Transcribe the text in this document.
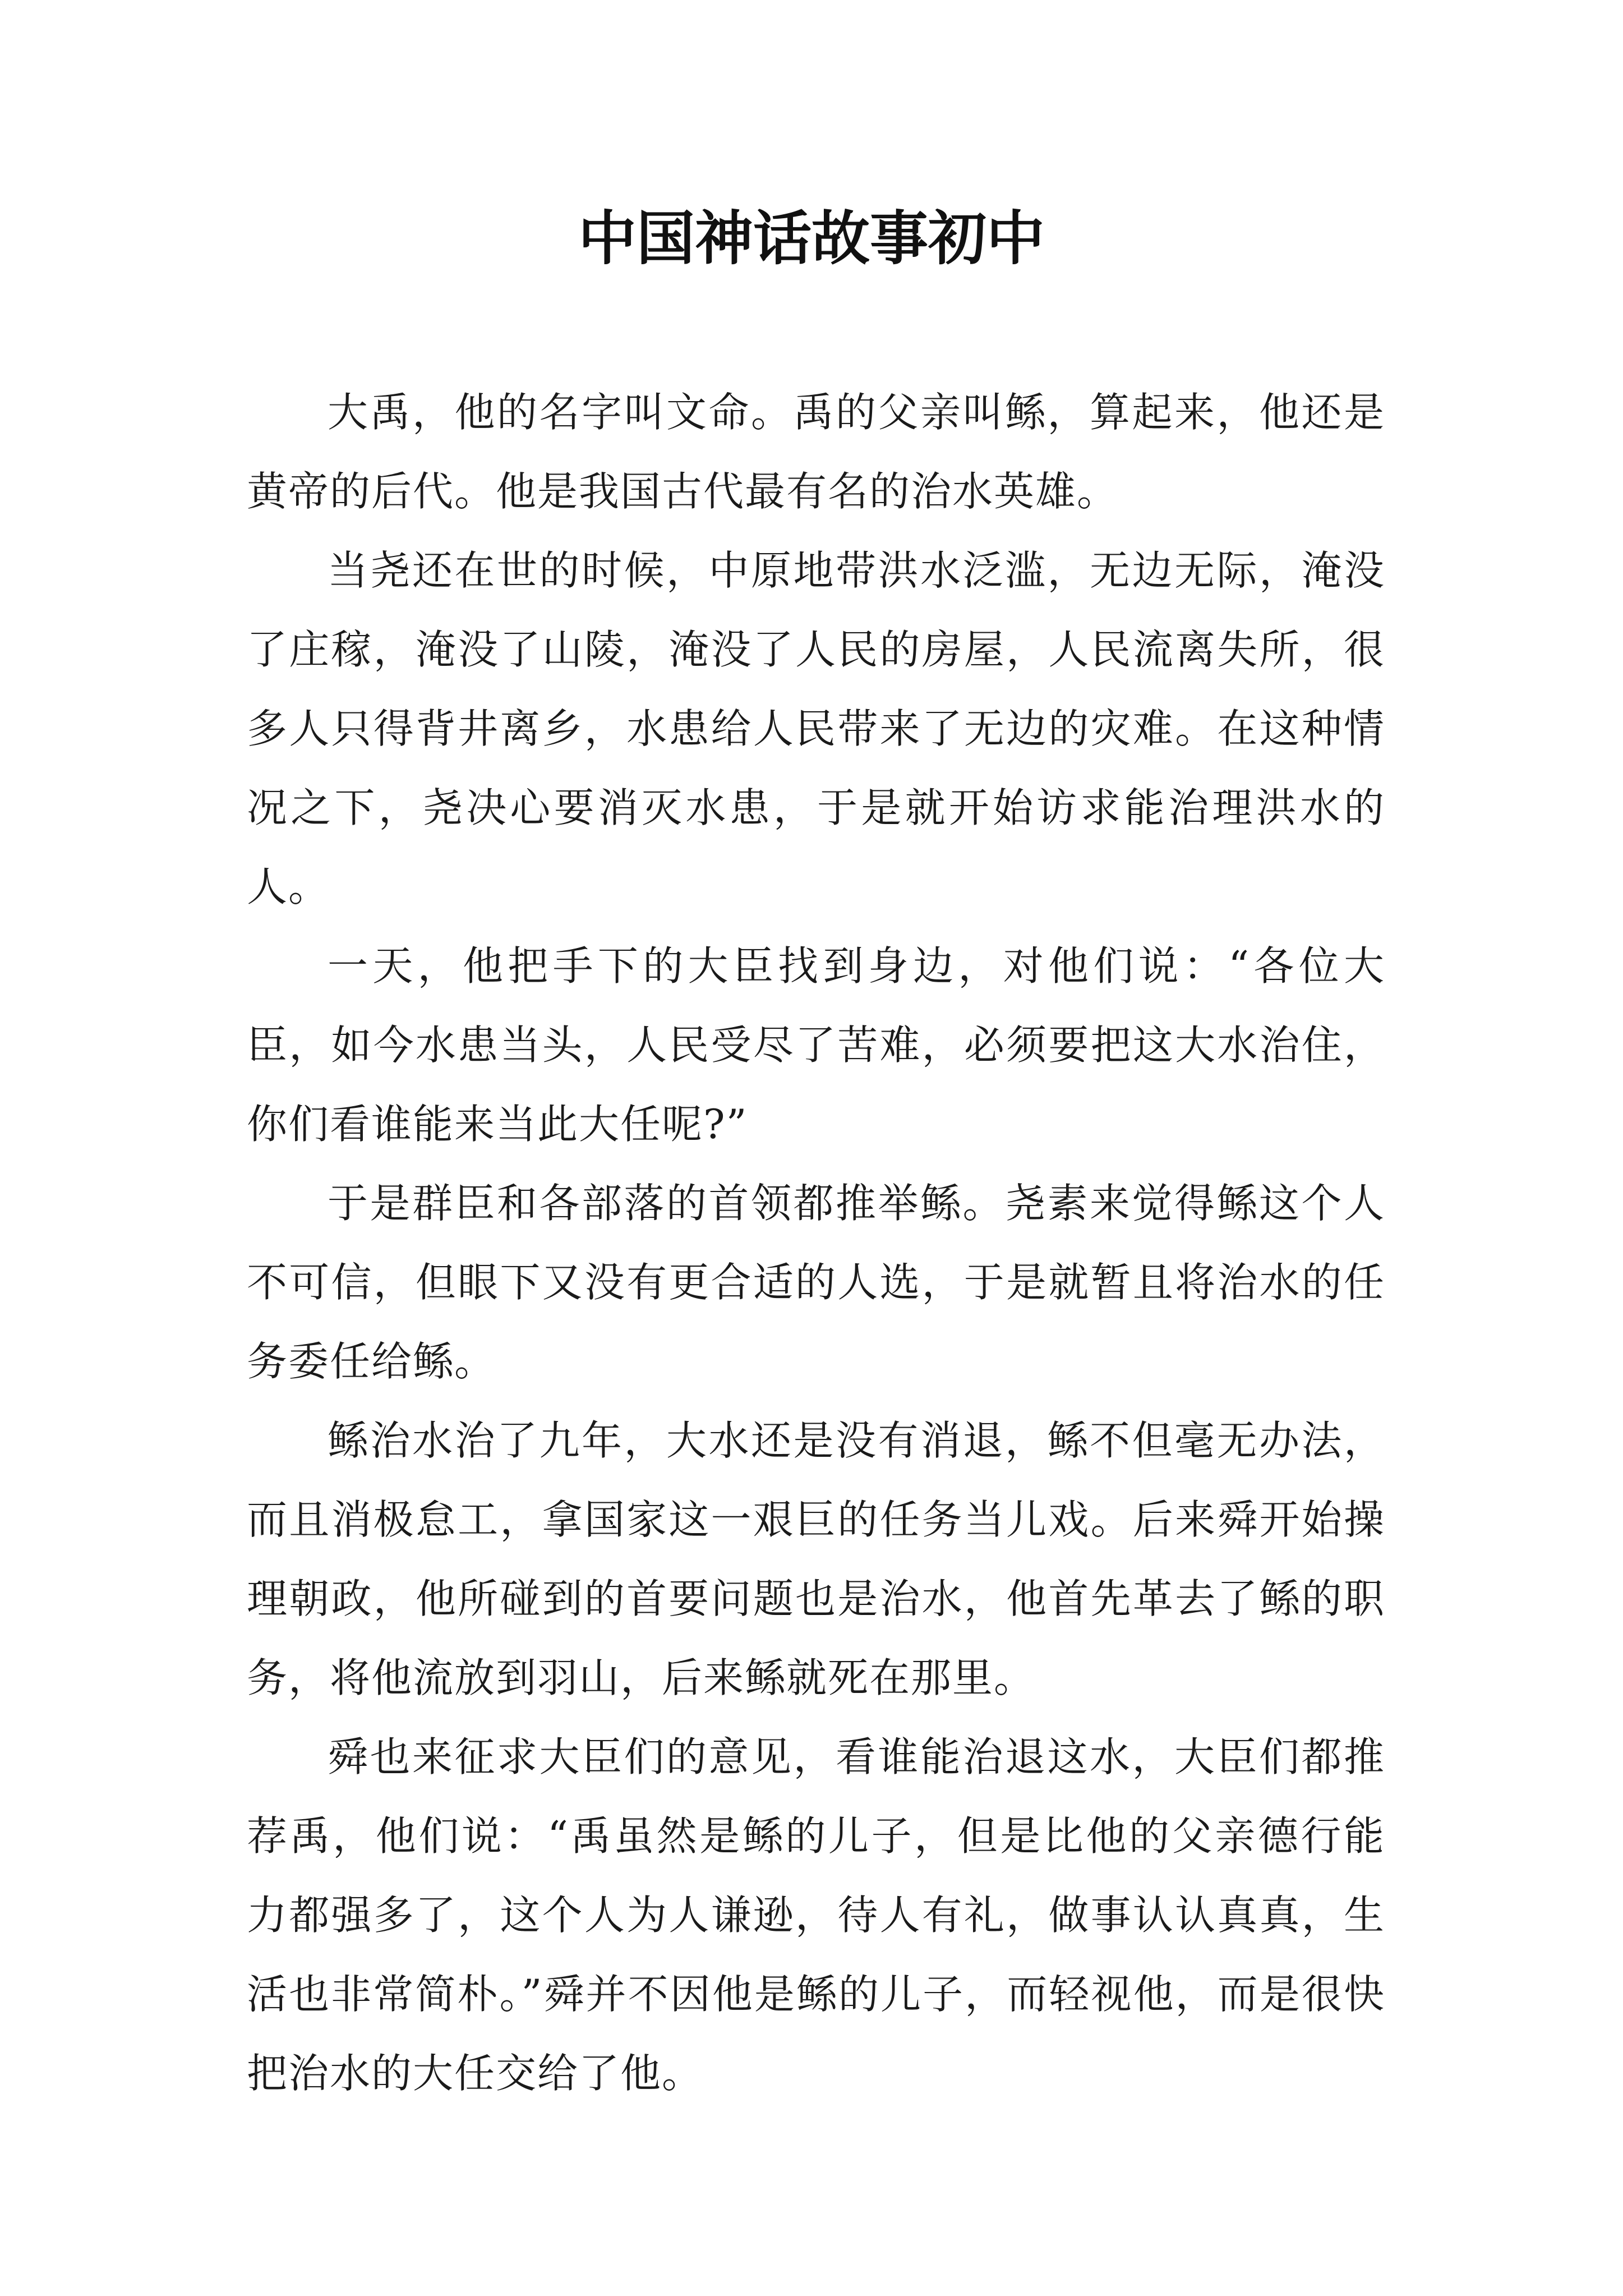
中国神话故事初中

大禹，他的名字叫文命。禹的父亲叫鲧，算起来，他还是黄帝的后代。他是我国古代最有名的治水英雄。

当尧还在世的时候，中原地带洪水泛滥，无边无际，淹没了庄稼，淹没了山陵，淹没了人民的房屋，人民流离失所，很多人只得背井离乡，水患给人民带来了无边的灾难。在这种情况之下，尧决心要消灭水患，于是就开始访求能治理洪水的人。

一天，他把手下的大臣找到身边，对他们说：“各位大臣，如今水患当头，人民受尽了苦难，必须要把这大水治住，你们看谁能来当此大任呢?”

于是群臣和各部落的首领都推举鲧。尧素来觉得鲧这个人不可信，但眼下又没有更合适的人选，于是就暂且将治水的任务委任给鲧。

鲧治水治了九年，大水还是没有消退，鲧不但毫无办法，而且消极怠工，拿国家这一艰巨的任务当儿戏。后来舜开始操理朝政，他所碰到的首要问题也是治水，他首先革去了鲧的职务，将他流放到羽山，后来鲧就死在那里。

舜也来征求大臣们的意见，看谁能治退这水，大臣们都推荐禹，他们说：“禹虽然是鲧的儿子，但是比他的父亲德行能力都强多了，这个人为人谦逊，待人有礼，做事认认真真，生活也非常简朴。”舜并不因他是鲧的儿子，而轻视他，而是很快把治水的大任交给了他。
